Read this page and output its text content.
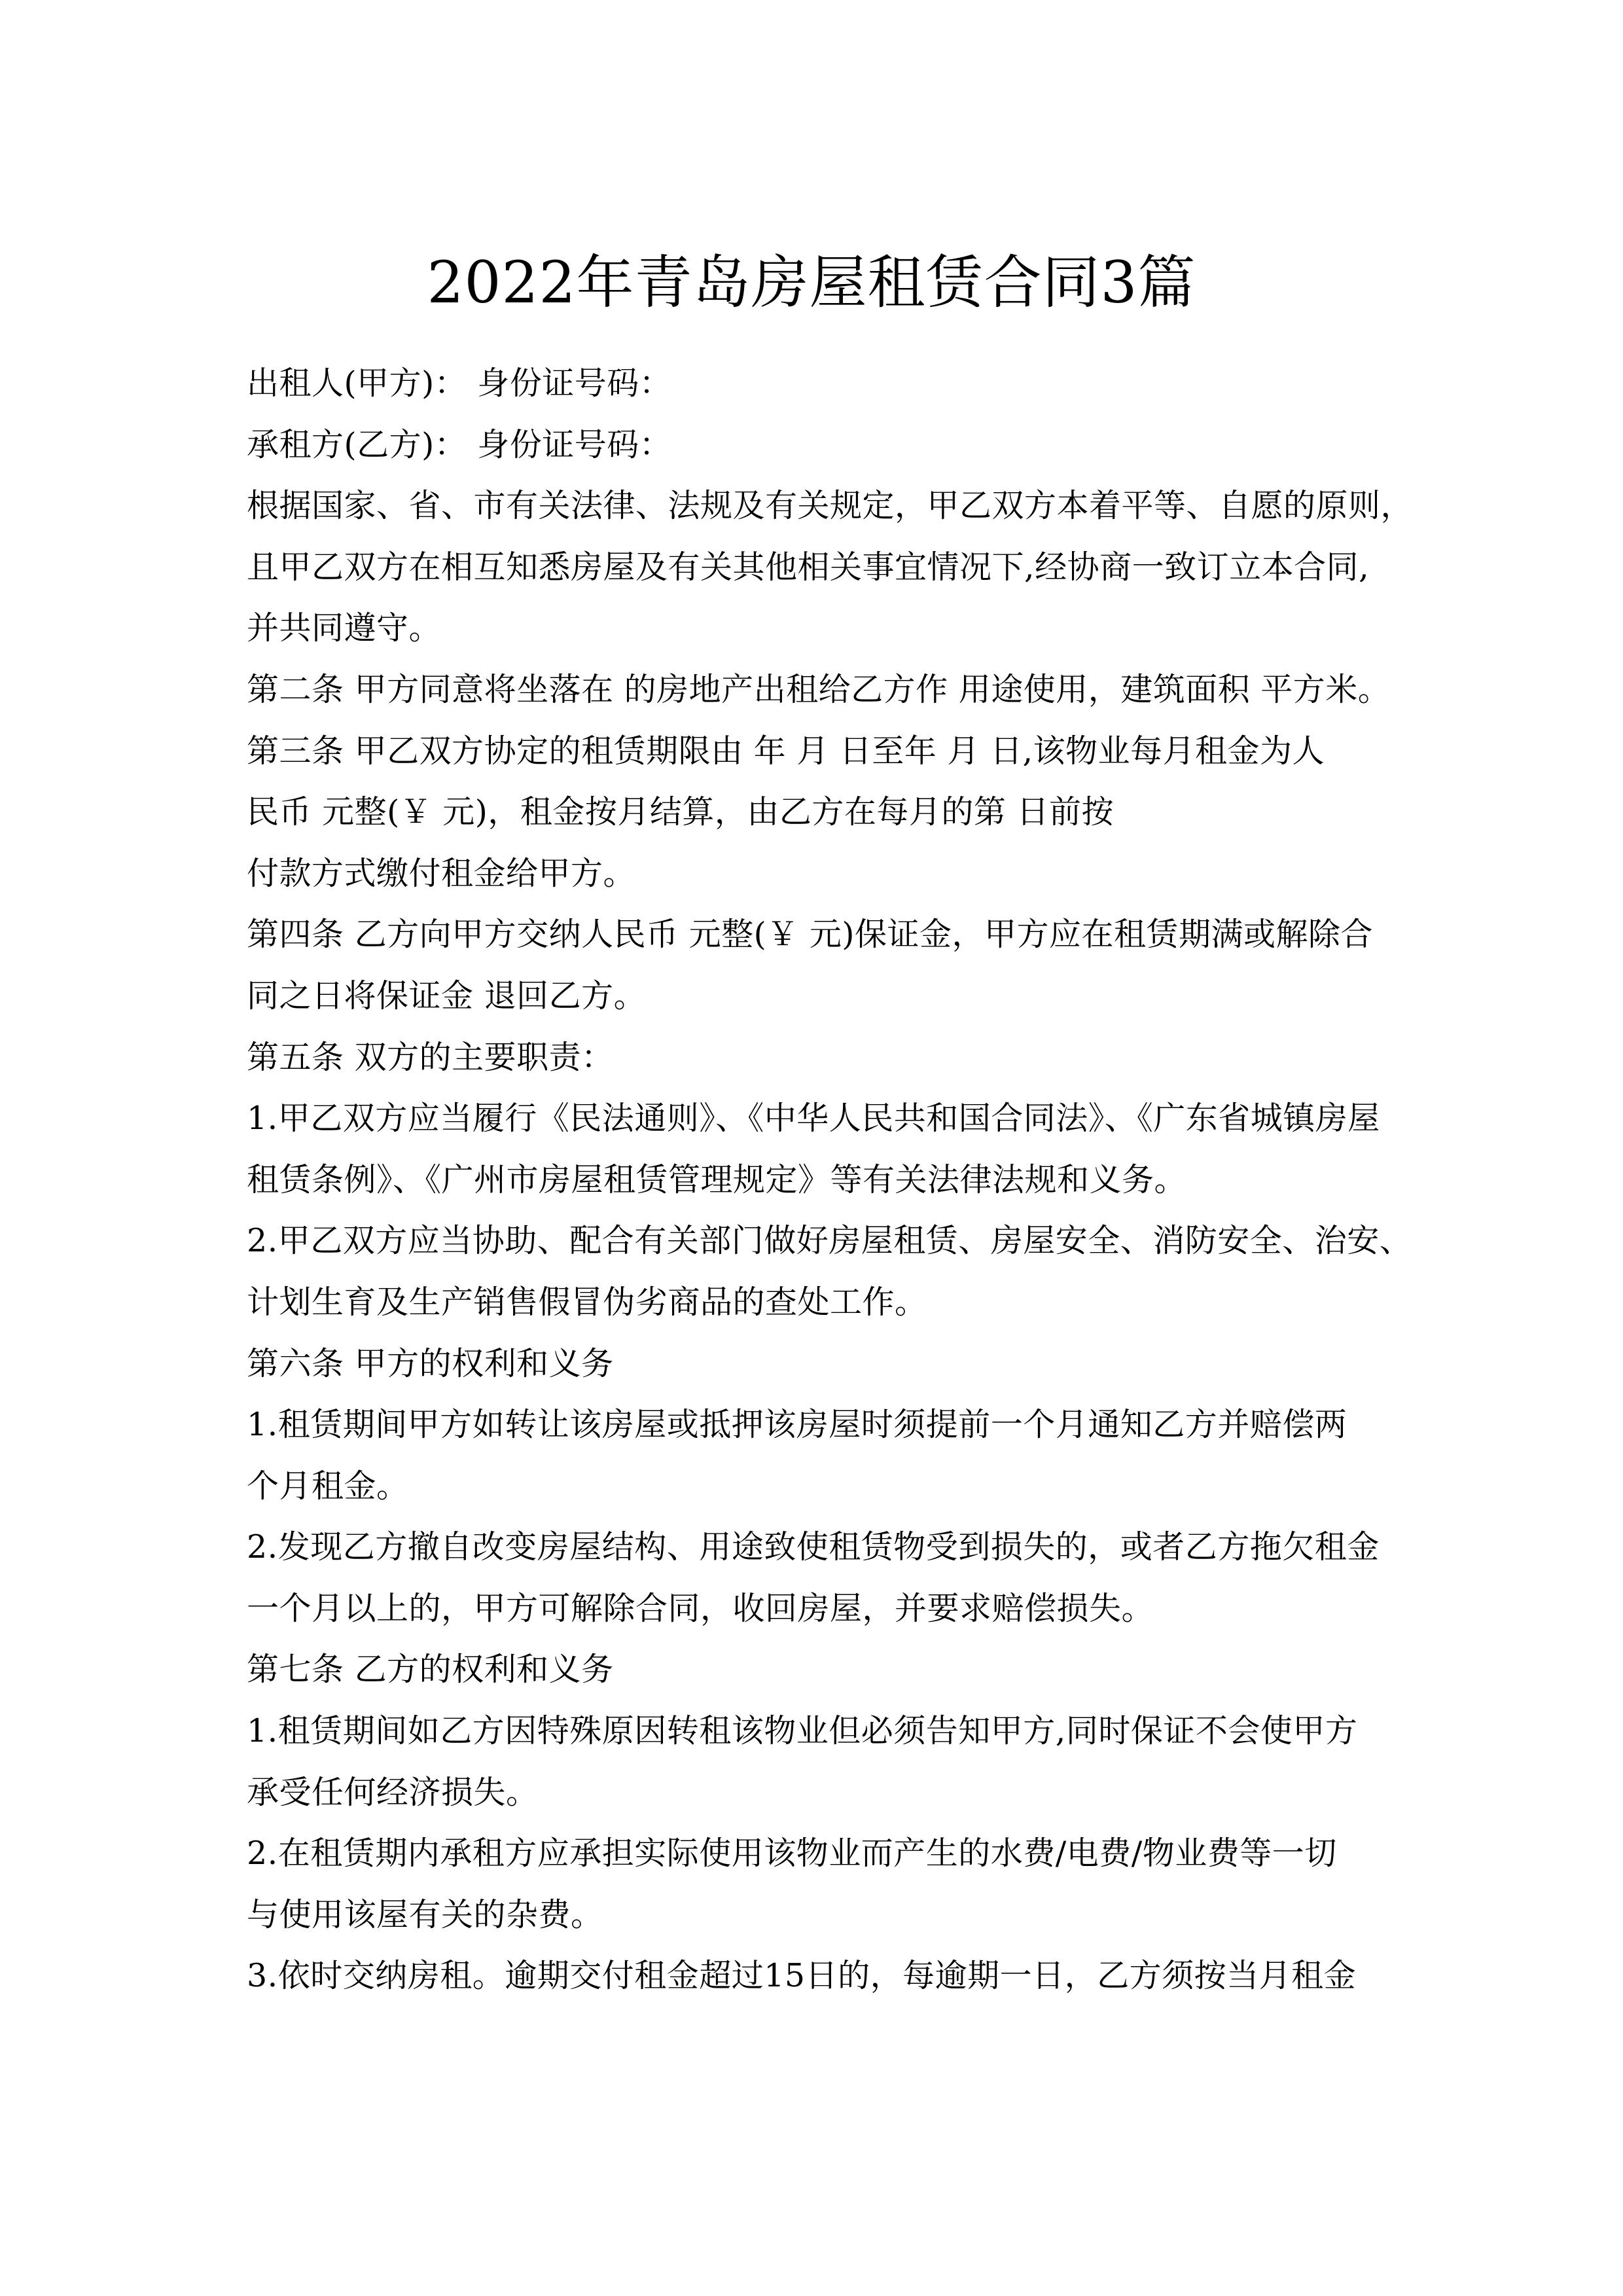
2022年青岛房屋租赁合同3篇
出租人(甲方)： 身份证号码：
承租方(乙方)： 身份证号码：
根据国家、省、市有关法律、法规及有关规定，甲乙双方本着平等、自愿的原则，
且甲乙双方在相互知悉房屋及有关其他相关事宜情况下,经协商一致订立本合同,
并共同遵守。
第二条 甲方同意将坐落在 的房地产出租给乙方作 用途使用，建筑面积 平方米。
第三条 甲乙双方协定的租赁期限由 年 月 日至年 月 日,该物业每月租金为人
民币 元整(￥ 元)，租金按月结算，由乙方在每月的第 日前按
付款方式缴付租金给甲方。
第四条 乙方向甲方交纳人民币 元整(￥ 元)保证金，甲方应在租赁期满或解除合
同之日将保证金 退回乙方。
第五条 双方的主要职责：
1.甲乙双方应当履行《民法通则》、《中华人民共和国合同法》、《广东省城镇房屋
租赁条例》、《广州市房屋租赁管理规定》等有关法律法规和义务。
2.甲乙双方应当协助、配合有关部门做好房屋租赁、房屋安全、消防安全、治安、
计划生育及生产销售假冒伪劣商品的查处工作。
第六条 甲方的权利和义务
1.租赁期间甲方如转让该房屋或抵押该房屋时须提前一个月通知乙方并赔偿两
个月租金。
2.发现乙方撤自改变房屋结构、用途致使租赁物受到损失的，或者乙方拖欠租金
一个月以上的，甲方可解除合同，收回房屋，并要求赔偿损失。
第七条 乙方的权利和义务
1.租赁期间如乙方因特殊原因转租该物业但必须告知甲方,同时保证不会使甲方
承受任何经济损失。
2.在租赁期内承租方应承担实际使用该物业而产生的水费/电费/物业费等一切
与使用该屋有关的杂费。
3.依时交纳房租。逾期交付租金超过15日的，每逾期一日，乙方须按当月租金
